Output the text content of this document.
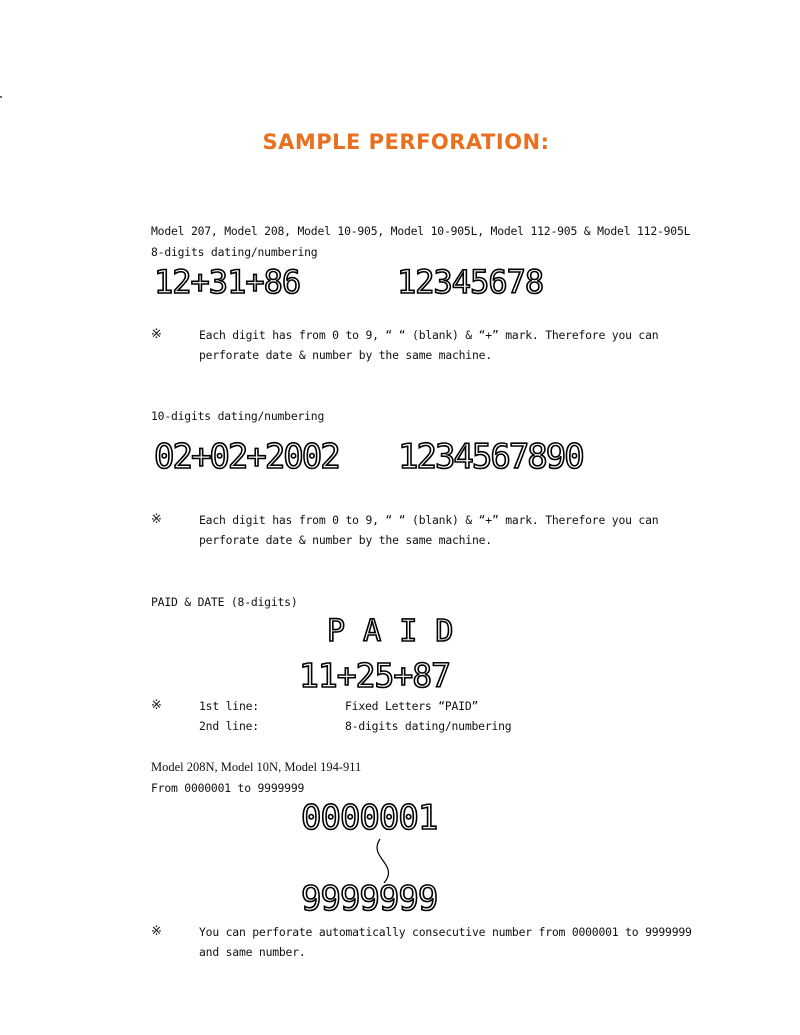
SAMPLE PERFORATION:
Model 207, Model 208, Model 10-905, Model 10-905L, Model 112-905 & Model 112-905L
8-digits dating/numbering
12+31+86	12345678
※	Each digit has from 0 to 9, “ “ (blank) & “+” mark. Therefore you can
perforate date & number by the same machine.
10-digits dating/numbering
02+02+2002 1234567890
※	Each digit has from 0 to 9, “ “ (blank) & “+” mark. Therefore you can
perforate date & number by the same machine.
PAID & DATE (8-digits)
P A I D
11+25+87
※	1st line:	Fixed Letters “PAID”
2nd line:	8-digits dating/numbering
Model 208N, Model 10N, Model 194-911
From 0000001 to 9999999
0000001
9999999
※	You can perforate automatically consecutive number from 0000001 to 9999999
and same number.
